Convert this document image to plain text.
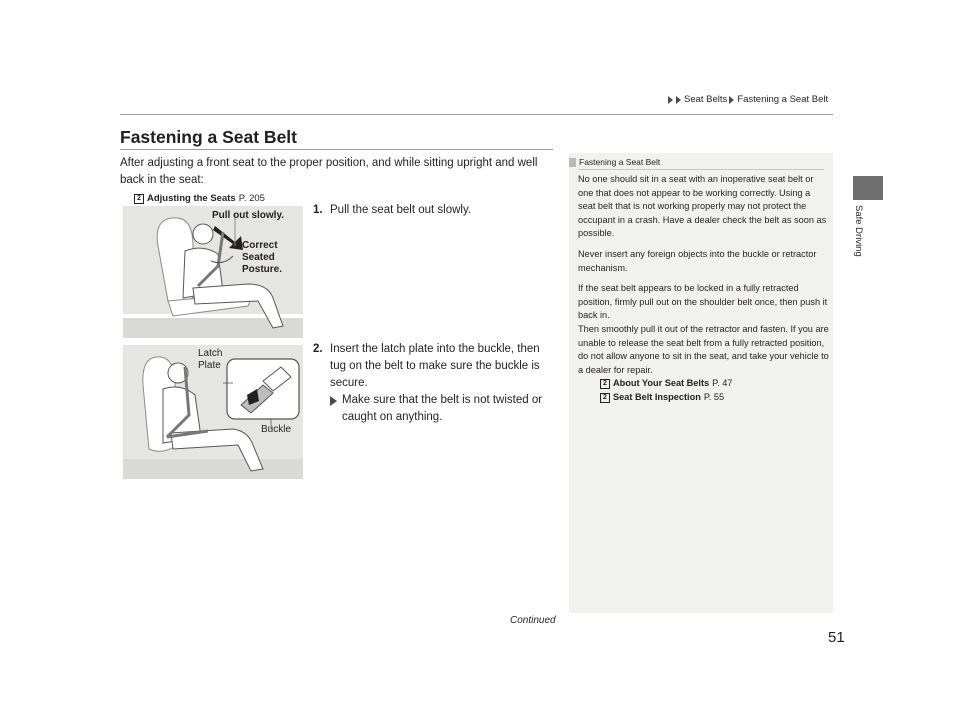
Seat Belts Fastening a Seat Belt
Safe Driving
Fastening a Seat Belt
After adjusting a front seat to the proper position, and while sitting upright and well back in the seat:
2 Adjusting the Seats P. 205
Pull out slowly.
Correct
Seated
Posture.
Latch
Plate
Buckle
1. Pull the seat belt out slowly.
2. Insert the latch plate into the buckle, then tug on the belt to make sure the buckle is secure.
Make sure that the belt is not twisted or caught on anything.
Fastening a Seat Belt

No one should sit in a seat with an inoperative seat belt or one that does not appear to be working correctly. Using a seat belt that is not working properly may not protect the occupant in a crash. Have a dealer check the belt as soon as possible.

Never insert any foreign objects into the buckle or retractor mechanism.

If the seat belt appears to be locked in a fully retracted position, firmly pull out on the shoulder belt once, then push it back in.

Then smoothly pull it out of the retractor and fasten. If you are unable to release the seat belt from a fully retracted position, do not allow anyone to sit in the seat, and take your vehicle to a dealer for repair.

2 About Your Seat Belts P. 47
2 Seat Belt Inspection P. 55
Continued
51
